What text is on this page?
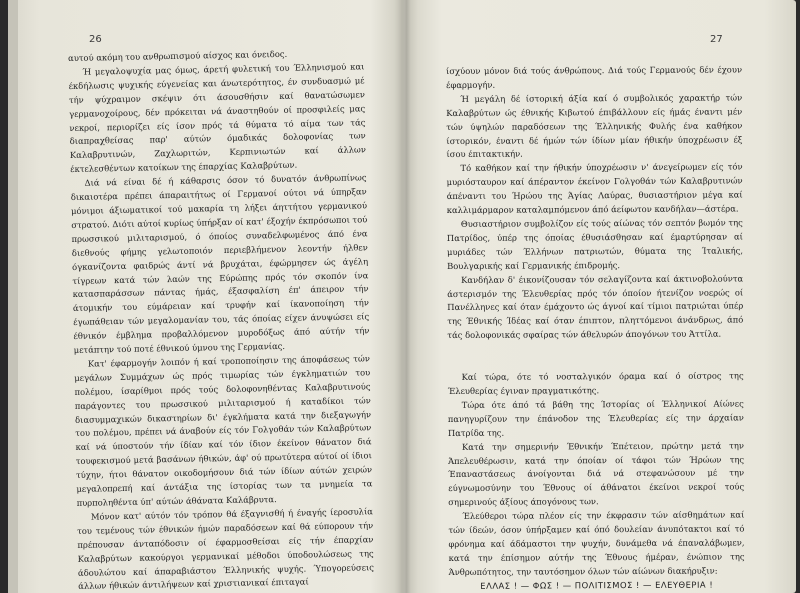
26

αυτού ακόμη του ανθρωπισμού αίσχος και όνειδος.

Ή μεγαλοψυχία μας όμως, άρετή φυλετική του Έλληνισμού και έκδήλωσις ψυχικής εύγενείας και άνωτερότητος, έν συνδυασμώ μέ τήν ψύχραιμον σκέψιν ότι άσουσθήσιν καί θανατώσωμεν γερμανοχοίρους, δέν πρόκειται νά άναστηθούν οί προσφιλείς μας νεκροί, περιορίζει είς ίσον πρός τά θύματα τό αίμα των τάς διαπραχθείσας παρ' αύτών όμαδικάς δολοφονίας των Καλαβρυτινών, Ζαχλωριτών, Κερπινιωτών καί άλλων έκτελεσθέντων κατοίκων της έπαρχίας Καλαβρύτων.

Διά νά είναι δέ ή κάθαρσις όσον τό δυνατόν άνθρωπίνως δικαιοτέρα πρέπει άπαραιτήτως οί Γερμανοί ούτοι νά ύπηρξαν μόνιμοι άξιωματικοί τού μακαρία τη λήξει άηττήτου γερμανικού στρατού. Διότι αύτοί κυρίως ύπήρξαν οί κατ' έξοχήν έκπρόσωποι τού πρωσσικού μιλιταρισμού, ό όποίος συναδελφωμένος άπό ένα διεθνούς φήμης γελωτοποιόν περιεβλήμενον λεοντήν ήλθεν όγκανίζοντα φαιδρώς άντί νά βρυχάται, έφώρμησεν ώς άγέλη τίγρεων κατά τών λαών της Εύρώπης πρός τόν σκοπόν ίνα κατασπαράσσων πάντας ήμάς, έξασφαλίση έπ' άπειρον τήν άτομικήν του εύμάρειαν καί τρυφήν καί ίκανοποίηση τήν έγωπάθειαν τών μεγαλομανίαν του, τάς όποίας είχεν άνυψώσει είς έθνικόν έμβλημα προβαλλόμενον μυροδόξως άπό αύτήν τήν μετάπτην τού ποτέ έθνικού ύμνου της Γερμανίας.

Κατ' έφαρμογήν λοιπόν ή καί τροποποίησιν της άποφάσεως τών μεγάλων Συμμάχων ώς πρός τιμωρίας τών έγκληματιών του πολέμου, ίσαρίθμοι πρός τούς δολοφονηθέντας Καλαβρυτινούς παράγοντες του πρωσσικού μιλιταρισμού ή καταδίκοι τών διασυμμαχικών δικαστηρίων δι' έγκλήματα κατά την διεξαγωγήν του πολέμου, πρέπει νά άναβούν είς τόν Γολγοθάν τών Καλαβρύτων καί νά ύποστούν τήν ίδίαν καί τόν ίδιον έκείνον θάνατον διά τουφεκισμού μετά βασάνων ήθικών, άφ' ού πρωτύτερα αύτοί οί ίδιοι τύχην, ήτοι θάνατον οικοδομήσουν διά τών ίδίων αύτών χειρών μεγαλοπρεπή καί άντάξια της ίστορίας των τα μνημεία τα πυρποληθέντα ύπ' αύτών άθάνατα Καλάβρυτα.

Μόνον κατ' αύτόν τόν τρόπον θά έξαγνισθή ή έναγής ίεροσυλία του τεμένους τών έθνικών ήμών παραδόσεων καί θά εύπορουν τήν πρέπουσαν άνταπόδοσιν οί έφαρμοσθείσαι είς τήν έπαρχίαν Καλαβρύτων κακούργοι γερμανικαί μέθοδοι ύποδουλώσεως της άδουλώτου καί άπαραβιάστου Έλληνικής ψυχής. Ύπογορεύσεις άλλων ήθικών άντιλήψεων καί χριστιανικαί έπιταγαί

27

ίσχύουν μόνον διά τούς άνθρώπους. Διά τούς Γερμανούς δέν έχουν έφαρμογήν.

Ή μεγάλη δέ ίστορική άξία καί ό συμβολικός χαρακτήρ τών Καλαβρύτων ώς έθνικής Κιβωτού έπιβάλλουν είς ήμάς έναντι μέν τών ύψηλών παραδόσεων της Έλληνικής Φυλής ένα καθήκον ίστορικόν, έναντι δέ ήμών τών ίδίων μίαν ήθικήν ύποχρέωσιν έξ ίσου έπιτακτικήν.

Τό καθήκον καί την ήθικήν ύποχρέωσιν ν' άνεγείρωμεν είς τόν μυριόσταυρον καί άπέραντον έκείνον Γολγοθάν τών Καλαβρυτινών άπέναντι του Ήρώου της Άγίας Λαύρας, θυσιαστήριον μέγα καί καλλιμάρμαρον καταλαμπόμενον άπό άείφωτον κανδήλαν—άστέρα.

Θυσιαστήριον συμβολίζον είς τούς αίώνας τόν σεπτόν βωμόν της Πατρίδος, ύπέρ της όποίας έθυσιάσθησαν καί έμαρτύρησαν αί μυριάδες τών Έλλήνων πατριωτών, θύματα της Ίταλικής, Βουλγαρικής καί Γερμανικής έπιδρομής.

Κανδήλαν δ' έικονίζουσαν τόν σελαγίζοντα καί άκτινοβολούντα άστερισμόν της Έλευθερίας πρός τόν όποίον ήτενίζον νοερώς οί Πανέλληνες καί όταν έμάχοντο ώς άγνοί καί τίμιοι πατριώται ύπέρ της Έθνικής Ίδέας καί όταν έπιπτον, πληττόμενοι άνάνδρως, άπό τάς δολοφονικάς σφαίρας τών άθελυρών άπογόνων του Άττίλα.

Καί τώρα, ότε τό νοσταλγικόν όραμα καί ό οίστρος της Έλευθερίας έγιναν πραγματικότης.

Τώρα ότε άπό τά βάθη της Ίστορίας οί Έλληνικοί Αίώνες πανηγυρίζουν την έπάνοδον της Έλευθερίας είς την άρχαίαν Πατρίδα της.

Κατά την σημερινήν Έθνικήν Έπέτειον, πρώτην μετά την Άπελευθέρωσιν, κατά την όποίαν οί τάφοι τών Ήρώων της Έπαναστάσεως άνοίγονται διά νά στεφανώσουν μέ την εύγνωμοσύνην του Έθνους οί άθάνατοι έκείνοι νεκροί τούς σημερινούς άξίους άπογόνους των.

Έλεύθεροι τώρα πλέον είς την έκφρασιν τών αίσθημάτων καί τών ίδεών, όσον ύπήρξαμεν καί όπό δουλείαν άνυπότακτοι καί τό φρόνημα καί άδάμαστοι την ψυχήν, δυνάμεθα νά έπαναλάβωμεν, κατά την έπίσημον αύτήν της Έθνους ήμέραν, ένώπιον της Άνθρωπότητος, την ταυτόσημον όλων τών αίώνων διακήρυξιν:

ΕΛΛΑΣ ! — ΦΩΣ ! — ΠΟΛΙΤΙΣΜΟΣ ! — ΕΛΕΥΘΕΡΙΑ !
